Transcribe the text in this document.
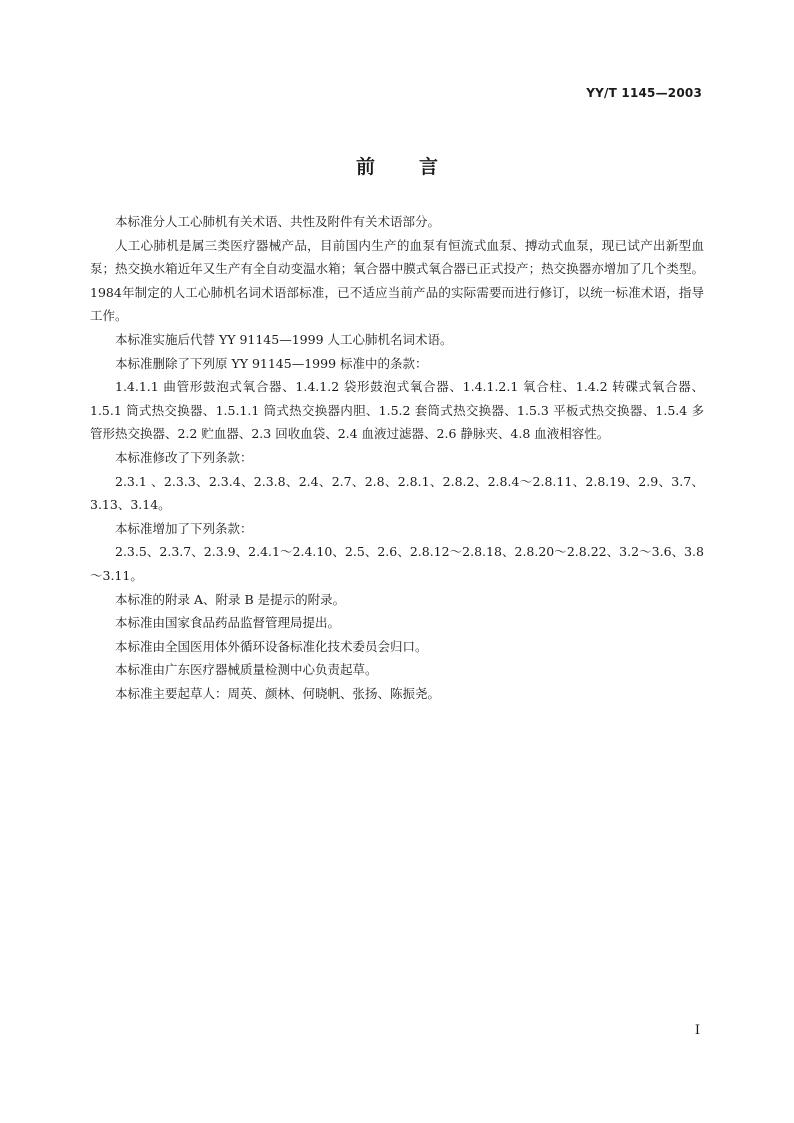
YY/T 1145—2003
前 言

本标准分人工心肺机有关术语、共性及附件有关术语部分。

人工心肺机是属三类医疗器械产品，目前国内生产的血泵有恒流式血泵、搏动式血泵，现已试产出新型血泵；热交换水箱近年又生产有全自动变温水箱；氧合器中膜式氧合器已正式投产；热交换器亦增加了几个类型。1984年制定的人工心肺机名词术语部标准，已不适应当前产品的实际需要而进行修订，以统一标准术语，指导工作。

本标准实施后代替 YY 91145—1999 人工心肺机名词术语。

本标准删除了下列原 YY 91145—1999 标准中的条款：

1.4.1.1 曲管形鼓泡式氧合器、1.4.1.2 袋形鼓泡式氧合器、1.4.1.2.1 氧合柱、1.4.2 转碟式氧合器、1.5.1 筒式热交换器、1.5.1.1 筒式热交换器内胆、1.5.2 套筒式热交换器、1.5.3 平板式热交换器、1.5.4 多管形热交换器、2.2 贮血器、2.3 回收血袋、2.4 血液过滤器、2.6 静脉夹、4.8 血液相容性。

本标准修改了下列条款：

2.3.1 、2.3.3、2.3.4、2.3.8、2.4、2.7、2.8、2.8.1、2.8.2、2.8.4～2.8.11、2.8.19、2.9、3.7、3.13、3.14。

本标准增加了下列条款：

2.3.5、2.3.7、2.3.9、2.4.1～2.4.10、2.5、2.6、2.8.12～2.8.18、2.8.20～2.8.22、3.2～3.6、3.8～3.11。

本标准的附录 A、附录 B 是提示的附录。

本标准由国家食品药品监督管理局提出。

本标准由全国医用体外循环设备标准化技术委员会归口。

本标准由广东医疗器械质量检测中心负责起草。

本标准主要起草人：周英、颜林、何晓帆、张扬、陈振尧。

I
